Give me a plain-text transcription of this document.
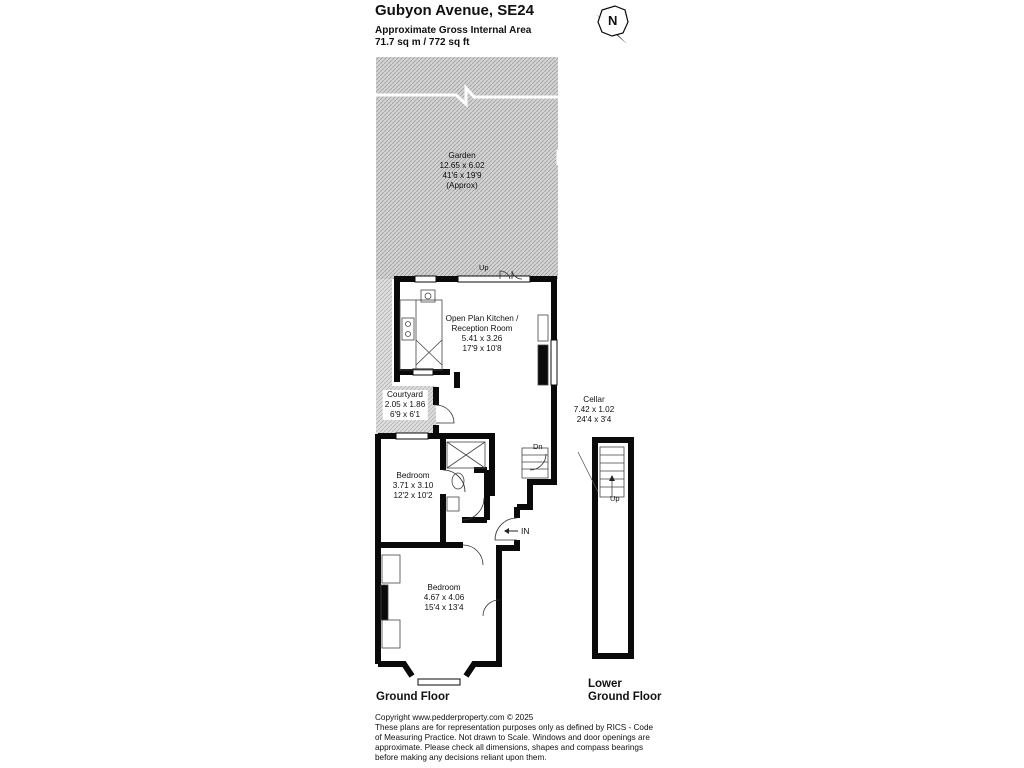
N
Gubyon Avenue, SE24
Approximate Gross Internal Area
71.7 sq m / 772 sq ft
Garden
12.65 x 6.02
41'6 x 19'9
(Approx)
Open Plan Kitchen /
Reception Room
5.41 x 3.26
17'9 x 10'8
Courtyard
2.05 x 1.86
6'9 x 6'1
Bedroom
3.71 x 3.10
12'2 x 10'2
Bedroom
4.67 x 4.06
15'4 x 13'4
Cellar
7.42 x 1.02
24'4 x 3'4
Up
Dn
IN
Up
Ground Floor
Lower
Ground Floor
Copyright www.pedderproperty.com © 2025
These plans are for representation purposes only as defined by RICS - Code
of Measuring Practice. Not drawn to Scale. Windows and door openings are
approximate. Please check all dimensions, shapes and compass bearings
before making any decisions reliant upon them.
